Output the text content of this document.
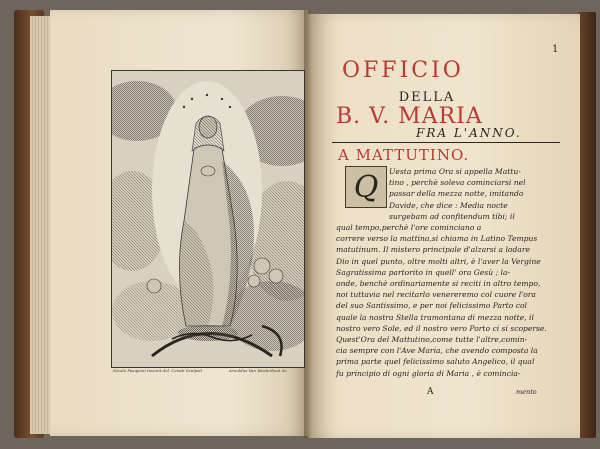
Nicolo Pasquoni Invenit del. Cenati Sculpsit	Arnoldus Van Westerhout Sc.
1
OFFICIO
DELLA
B. V. MARIA
FRA L'ANNO.
A MATTUTINO.
Q Uesta prima Ora si appella Mattu-
tino , perchè soleva cominciarsi nel
passar della mezza notte, imitando
Davide, che dice : Media nocte
surgebam ad confitendum tibi; il
qual tempo,perchè l'ore cominciano a
correre verso la mattina,si chiama in Latino Tempus
matutinum. Il mistero principale d'alzarsi a lodare
Dio in quel punto, oltre molti altri, è l'aver la Vergine
Sagratissima partorito in quell' ora Gesù ; la-
onde, benchè ordinariamente si reciti in altro tempo,
noi tuttavia nel recitarlo venereremo col cuore l'ora
del suo Santissimo, e per noi felicissimo Parto col
quale la nostra Stella tramontana di mezza notte, il
nostro vero Sole, ed il nostro vero Porto ci si scoperse.
Quest'Ora del Mattutino,come tutte l'altre,comin-
cia sempre con l'Ave Maria, che avendo composta la
prima parte quel felicissimo saluto Angelico, il qual
fu principio di ogni gloria di Maria , è comincia-
A	mento
